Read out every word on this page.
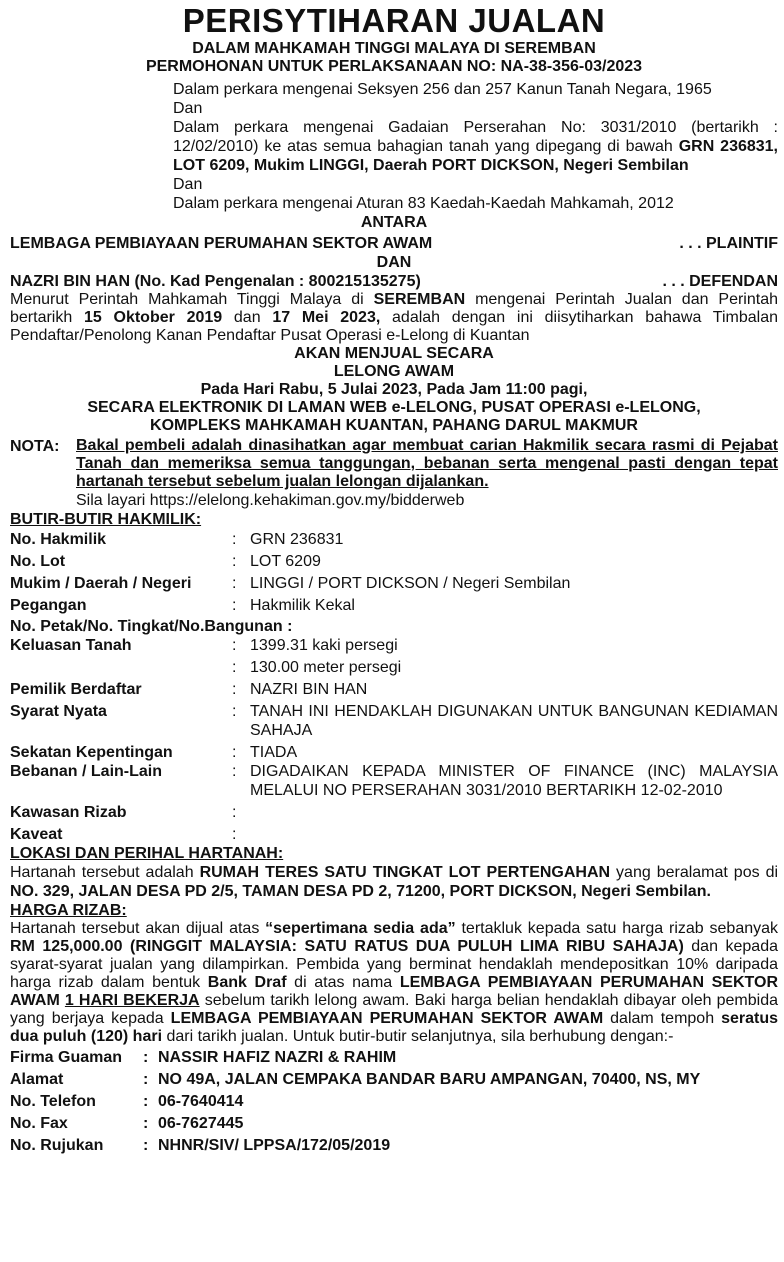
PERISYTIHARAN JUALAN
DALAM MAHKAMAH TINGGI MALAYA DI SEREMBAN
PERMOHONAN UNTUK PERLAKSANAAN NO: NA-38-356-03/2023
Dalam perkara mengenai Seksyen 256 dan 257 Kanun Tanah Negara, 1965
Dan
Dalam perkara mengenai Gadaian Perserahan No: 3031/2010 (bertarikh : 12/02/2010) ke atas semua bahagian tanah yang dipegang di bawah GRN 236831, LOT 6209, Mukim LINGGI, Daerah PORT DICKSON, Negeri Sembilan
Dan
Dalam perkara mengenai Aturan 83 Kaedah-Kaedah Mahkamah, 2012
ANTARA
LEMBAGA PEMBIAYAAN PERUMAHAN SEKTOR AWAM	. . . PLAINTIF
DAN
NAZRI BIN HAN (No. Kad Pengenalan : 800215135275)	. . . DEFENDAN
Menurut Perintah Mahkamah Tinggi Malaya di SEREMBAN mengenai Perintah Jualan dan Perintah bertarikh 15 Oktober 2019 dan 17 Mei 2023, adalah dengan ini diisytiharkan bahawa Timbalan Pendaftar/Penolong Kanan Pendaftar Pusat Operasi e-Lelong di Kuantan
AKAN MENJUAL SECARA
LELONG AWAM
Pada Hari Rabu, 5 Julai 2023, Pada Jam 11:00 pagi,
SECARA ELEKTRONIK DI LAMAN WEB e-LELONG, PUSAT OPERASI e-LELONG,
KOMPLEKS MAHKAMAH KUANTAN, PAHANG DARUL MAKMUR
NOTA:	Bakal pembeli adalah dinasihatkan agar membuat carian Hakmilik secara rasmi di Pejabat Tanah dan memeriksa semua tanggungan, bebanan serta mengenal pasti dengan tepat hartanah tersebut sebelum jualan lelongan dijalankan.
Sila layari https://elelong.kehakiman.gov.my/bidderweb
BUTIR-BUTIR HAKMILIK:
No. Hakmilik	: GRN 236831
No. Lot	: LOT 6209
Mukim / Daerah / Negeri	: LINGGI / PORT DICKSON / Negeri Sembilan
Pegangan	: Hakmilik Kekal
No. Petak/No. Tingkat/No.Bangunan :
Keluasan Tanah	: 1399.31 kaki persegi
: 130.00 meter persegi
Pemilik Berdaftar	: NAZRI BIN HAN
Syarat Nyata	: TANAH INI HENDAKLAH DIGUNAKAN UNTUK BANGUNAN KEDIAMAN SAHAJA
Sekatan Kepentingan	: TIADA
Bebanan / Lain-Lain	: DIGADAIKAN KEPADA MINISTER OF FINANCE (INC) MALAYSIA MELALUI NO PERSERAHAN 3031/2010 BERTARIKH 12-02-2010
Kawasan Rizab	:
Kaveat	:
LOKASI DAN PERIHAL HARTANAH:
Hartanah tersebut adalah RUMAH TERES SATU TINGKAT LOT PERTENGAHAN yang beralamat pos di NO. 329, JALAN DESA PD 2/5, TAMAN DESA PD 2, 71200, PORT DICKSON, Negeri Sembilan.
HARGA RIZAB:
Hartanah tersebut akan dijual atas “sepertimana sedia ada” tertakluk kepada satu harga rizab sebanyak RM 125,000.00 (RINGGIT MALAYSIA: SATU RATUS DUA PULUH LIMA RIBU SAHAJA) dan kepada syarat-syarat jualan yang dilampirkan. Pembida yang berminat hendaklah mendepositkan 10% daripada harga rizab dalam bentuk Bank Draf di atas nama LEMBAGA PEMBIAYAAN PERUMAHAN SEKTOR AWAM 1 HARI BEKERJA sebelum tarikh lelong awam. Baki harga belian hendaklah dibayar oleh pembida yang berjaya kepada LEMBAGA PEMBIAYAAN PERUMAHAN SEKTOR AWAM dalam tempoh seratus dua puluh (120) hari dari tarikh jualan. Untuk butir-butir selanjutnya, sila berhubung dengan:-
Firma Guaman	: NASSIR HAFIZ NAZRI & RAHIM
Alamat	: NO 49A, JALAN CEMPAKA BANDAR BARU AMPANGAN, 70400, NS, MY
No. Telefon	: 06-7640414
No. Fax	: 06-7627445
No. Rujukan	: NHNR/SIV/ LPPSA/172/05/2019
